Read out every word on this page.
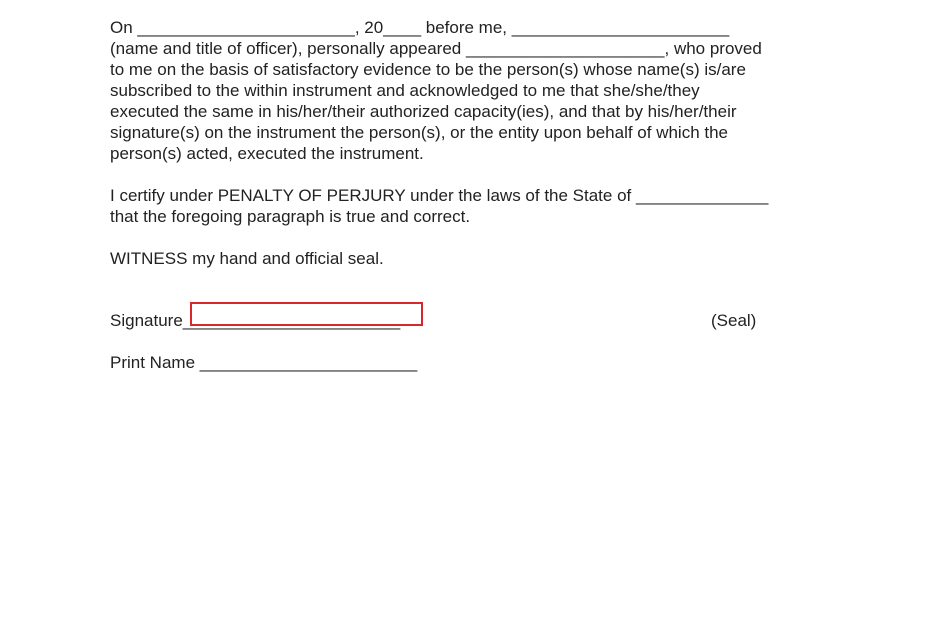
On _______________________, 20____ before me, _______________________
(name and title of officer), personally appeared _____________________, who proved
to me on the basis of satisfactory evidence to be the person(s) whose name(s) is/are
subscribed to the within instrument and acknowledged to me that she/she/they
executed the same in his/her/their authorized capacity(ies), and that by his/her/their
signature(s) on the instrument the person(s), or the entity upon behalf of which the
person(s) acted, executed the instrument.

I certify under PENALTY OF PERJURY under the laws of the State of ______________
that the foregoing paragraph is true and correct.

WITNESS my hand and official seal.

Signature_______________________	(Seal)
Print Name _______________________
